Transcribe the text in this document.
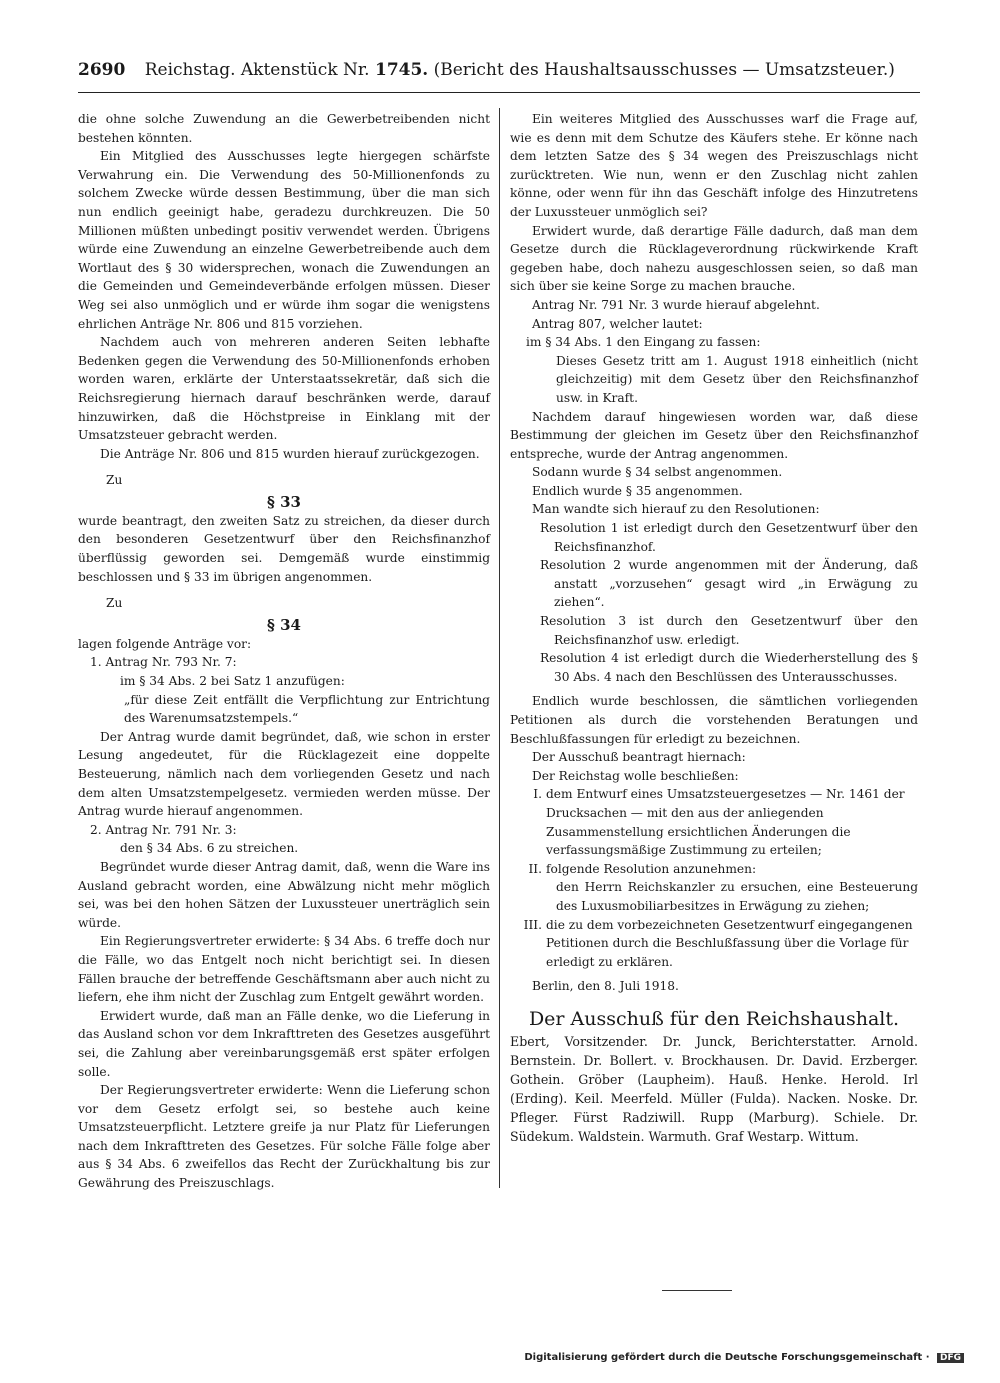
2690 Reichstag. Aktenstück Nr. 1745. (Bericht des Haushaltsausschusses — Umsatzsteuer.)

die ohne solche Zuwendung an die Gewerbetreibenden nicht bestehen könnten.

Ein Mitglied des Ausschusses legte hiergegen schärfste Verwahrung ein. Die Verwendung des 50-Millionenfonds zu solchem Zwecke würde dessen Bestimmung, über die man sich nun endlich geeinigt habe, geradezu durchkreuzen. Die 50 Millionen müßten unbedingt positiv verwendet werden. Übrigens würde eine Zuwendung an einzelne Gewerbetreibende auch dem Wortlaut des § 30 widersprechen, wonach die Zuwendungen an die Gemeinden und Gemeindeverbände erfolgen müssen. Dieser Weg sei also unmöglich und er würde ihm sogar die wenigstens ehrlichen Anträge Nr. 806 und 815 vorziehen.

Nachdem auch von mehreren anderen Seiten lebhafte Bedenken gegen die Verwendung des 50-Millionenfonds erhoben worden waren, erklärte der Unterstaatssekretär, daß sich die Reichsregierung hiernach darauf beschränken werde, darauf hinzuwirken, daß die Höchstpreise in Einklang mit der Umsatzsteuer gebracht werden.

Die Anträge Nr. 806 und 815 wurden hierauf zurückgezogen.

Zu
§ 33

wurde beantragt, den zweiten Satz zu streichen, da dieser durch den besonderen Gesetzentwurf über den Reichsfinanzhof überflüssig geworden sei. Demgemäß wurde einstimmig beschlossen und § 33 im übrigen angenommen.

Zu
§ 34

lagen folgende Anträge vor:

1. Antrag Nr. 793 Nr. 7:

im § 34 Abs. 2 bei Satz 1 anzufügen:

„für diese Zeit entfällt die Verpflichtung zur Entrichtung des Warenumsatzstempels.“

Der Antrag wurde damit begründet, daß, wie schon in erster Lesung angedeutet, für die Rücklagezeit eine doppelte Besteuerung, nämlich nach dem vorliegenden Gesetz und nach dem alten Umsatzstempelgesetz. vermieden werden müsse. Der Antrag wurde hierauf angenommen.

2. Antrag Nr. 791 Nr. 3:

den § 34 Abs. 6 zu streichen.

Begründet wurde dieser Antrag damit, daß, wenn die Ware ins Ausland gebracht worden, eine Abwälzung nicht mehr möglich sei, was bei den hohen Sätzen der Luxussteuer unerträglich sein würde.

Ein Regierungsvertreter erwiderte: § 34 Abs. 6 treffe doch nur die Fälle, wo das Entgelt noch nicht berichtigt sei. In diesen Fällen brauche der betreffende Geschäftsmann aber auch nicht zu liefern, ehe ihm nicht der Zuschlag zum Entgelt gewährt worden.

Erwidert wurde, daß man an Fälle denke, wo die Lieferung in das Ausland schon vor dem Inkrafttreten des Gesetzes ausgeführt sei, die Zahlung aber vereinbarungsgemäß erst später erfolgen solle.

Der Regierungsvertreter erwiderte: Wenn die Lieferung schon vor dem Gesetz erfolgt sei, so bestehe auch keine Umsatzsteuerpflicht. Letztere greife ja nur Platz für Lieferungen nach dem Inkrafttreten des Gesetzes. Für solche Fälle folge aber aus § 34 Abs. 6 zweifellos das Recht der Zurückhaltung bis zur Gewährung des Preiszuschlags.

Ein weiteres Mitglied des Ausschusses warf die Frage auf, wie es denn mit dem Schutze des Käufers stehe. Er könne nach dem letzten Satze des § 34 wegen des Preiszuschlags nicht zurücktreten. Wie nun, wenn er den Zuschlag nicht zahlen könne, oder wenn für ihn das Geschäft infolge des Hinzutretens der Luxussteuer unmöglich sei?

Erwidert wurde, daß derartige Fälle dadurch, daß man dem Gesetze durch die Rücklageverordnung rückwirkende Kraft gegeben habe, doch nahezu ausgeschlossen seien, so daß man sich über sie keine Sorge zu machen brauche.

Antrag Nr. 791 Nr. 3 wurde hierauf abgelehnt.

Antrag 807, welcher lautet:

im § 34 Abs. 1 den Eingang zu fassen:

Dieses Gesetz tritt am 1. August 1918 einheitlich (nicht gleichzeitig) mit dem Gesetz über den Reichsfinanzhof usw. in Kraft.

Nachdem darauf hingewiesen worden war, daß diese Bestimmung der gleichen im Gesetz über den Reichsfinanzhof entspreche, wurde der Antrag angenommen.

Sodann wurde § 34 selbst angenommen.

Endlich wurde § 35 angenommen.

Man wandte sich hierauf zu den Resolutionen:

Resolution 1 ist erledigt durch den Gesetzentwurf über den Reichsfinanzhof.

Resolution 2 wurde angenommen mit der Änderung, daß anstatt „vorzusehen“ gesagt wird „in Erwägung zu ziehen“.

Resolution 3 ist durch den Gesetzentwurf über den Reichsfinanzhof usw. erledigt.

Resolution 4 ist erledigt durch die Wiederherstellung des § 30 Abs. 4 nach den Beschlüssen des Unterausschusses.

Endlich wurde beschlossen, die sämtlichen vorliegenden Petitionen als durch die vorstehenden Beratungen und Beschlußfassungen für erledigt zu bezeichnen.

Der Ausschuß beantragt hiernach:

Der Reichstag wolle beschließen:

I. dem Entwurf eines Umsatzsteuergesetzes — Nr. 1461 der Drucksachen — mit den aus der anliegenden Zusammenstellung ersichtlichen Änderungen die verfassungsmäßige Zustimmung zu erteilen;
II. folgende Resolution anzunehmen:

den Herrn Reichskanzler zu ersuchen, eine Besteuerung des Luxusmobiliarbesitzes in Erwägung zu ziehen;

III. die zu dem vorbezeichneten Gesetzentwurf eingegangenen Petitionen durch die Beschlußfassung über die Vorlage für erledigt zu erklären.

Berlin, den 8. Juli 1918.

Der Ausschuß für den Reichshaushalt.

Ebert, Vorsitzender. Dr. Junck, Berichterstatter. Arnold. Bernstein. Dr. Bollert. v. Brockhausen. Dr. David. Erzberger. Gothein. Gröber (Laupheim). Hauß. Henke. Herold. Irl (Erding). Keil. Meerfeld. Müller (Fulda). Nacken. Noske. Dr. Pfleger. Fürst Radziwill. Rupp (Marburg). Schiele. Dr. Südekum. Waldstein. Warmuth. Graf Westarp. Wittum.

Digitalisierung gefördert durch die Deutsche Forschungsgemeinschaft · DFG
